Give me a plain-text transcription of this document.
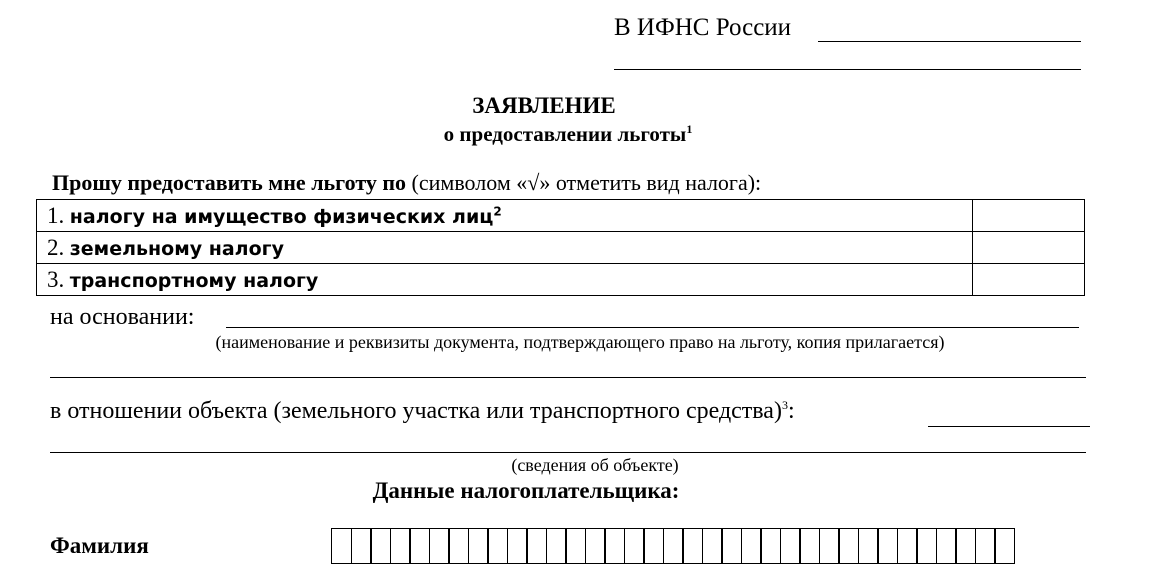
В ИФНС России
ЗАЯВЛЕНИЕ
о предоставлении льготы$^1$
Прошу предоставить мне льготу по (символом «√» отметить вид налога):
1. налогу на имущество физических лиц$^2$	
2. земельному налогу	
3. транспортному налогу	
на основании:
(наименование и реквизиты документа, подтверждающего право на льготу, копия прилагается)
в отношении объекта (земельного участка или транспортного средства)$^3$:
(сведения об объекте)
Данные налогоплательщика:
Фамилия
